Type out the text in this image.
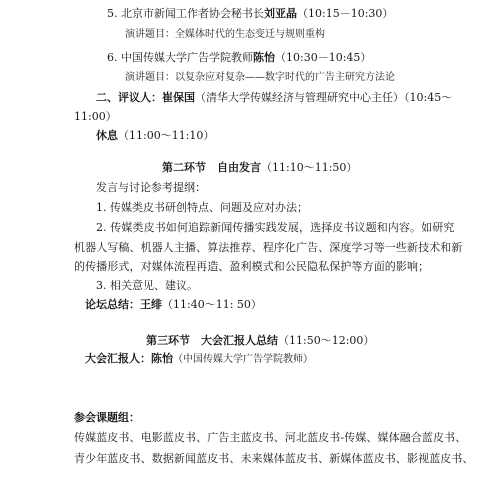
5. 北京市新闻工作者协会秘书长刘亚晶（10:15－10:30）
演讲题目：全媒体时代的生态变迁与规则重构
6. 中国传媒大学广告学院教师陈怡（10:30－10:45）
演讲题目：以复杂应对复杂——数字时代的广告主研究方法论
二、评议人：崔保国（清华大学传媒经济与管理研究中心主任）（10:45～
11:00）
休息（11:00～11:10）
第二环节　自由发言（11:10～11:50）
发言与讨论参考提纲：
1. 传媒类皮书研创特点、问题及应对办法；
2. 传媒类皮书如何追踪新闻传播实践发展，选择皮书议题和内容。如研究
机器人写稿、机器人主播、算法推荐、程序化广告、深度学习等一些新技术和新
的传播形式，对媒体流程再造、盈利模式和公民隐私保护等方面的影响；
3. 相关意见、建议。
论坛总结：王绯（11:40～11: 50）
第三环节　大会汇报人总结（11:50～12:00）
大会汇报人：陈怡（中国传媒大学广告学院教师）
参会课题组：
传媒蓝皮书、电影蓝皮书、广告主蓝皮书、河北蓝皮书-传媒、媒体融合蓝皮书、
青少年蓝皮书、数据新闻蓝皮书、未来媒体蓝皮书、新媒体蓝皮书、影视蓝皮书、
